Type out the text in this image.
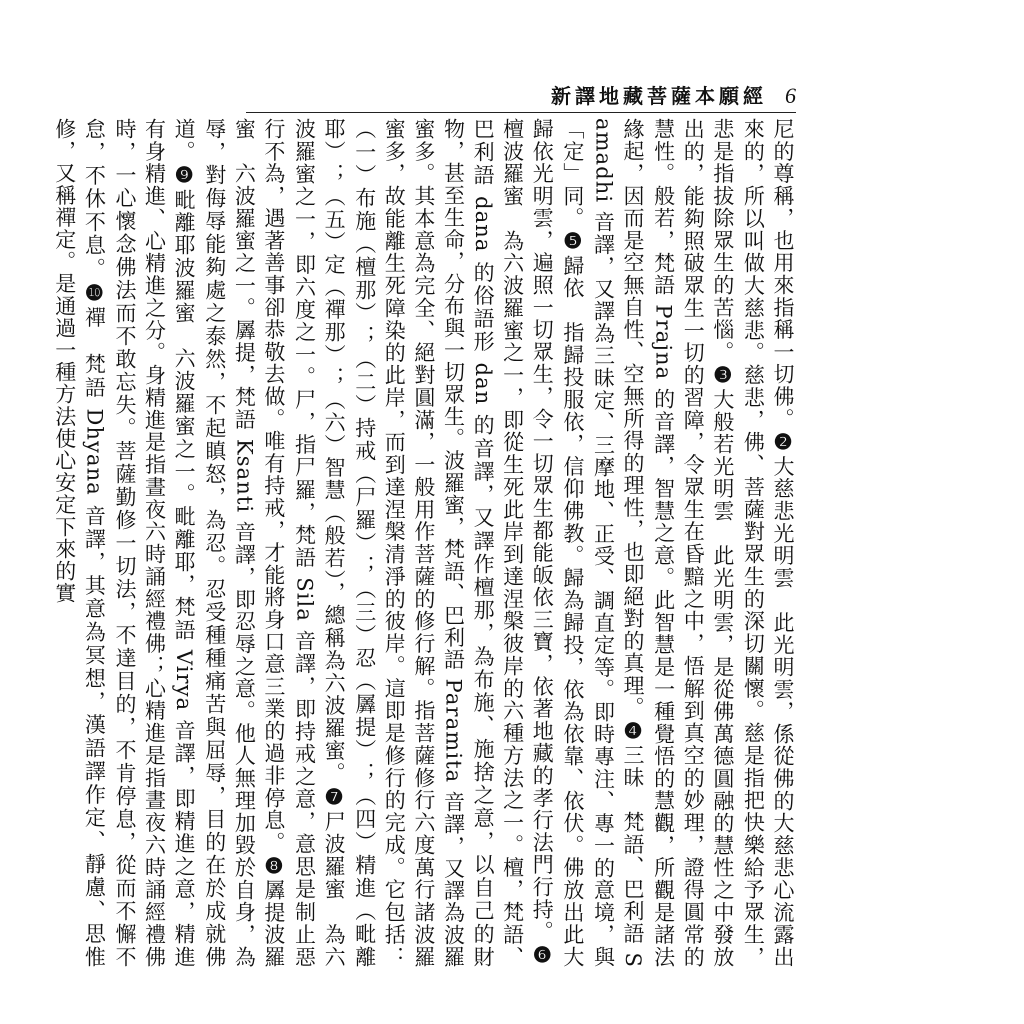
新譯地藏菩薩本願經 6
尼的尊稱，也用來指稱一切佛。❷大慈悲光明雲　此光明雲，係從佛的大慈悲心流露出來的，所以叫做大慈悲。慈悲，佛、菩薩對眾生的深切關懷。慈是指把快樂給予眾生，悲是指拔除眾生的苦惱。❸大般若光明雲　此光明雲，是從佛萬德圓融的慧性之中發放出的，能夠照破眾生一切的習障，令眾生在昏黯之中，悟解到真空的妙理，證得圓常的慧性。般若，梵語 Prajna 的音譯，智慧之意。此智慧是一種覺悟的慧觀，所觀是諸法緣起，因而是空無自性、空無所得的理性，也即絕對的真理。❹三昧　梵語、巴利語 Samadhi 音譯，又譯為三昧定、三摩地、正受、調直定等。即時專注、專一的意境，與「定」同。❺歸依　指歸投服依，信仰佛教。歸為歸投，依為依靠、依伏。佛放出此大歸依光明雲，遍照一切眾生，令一切眾生都能皈依三寶，依著地藏的孝行法門行持。❻檀波羅蜜　為六波羅蜜之一，即從生死此岸到達涅槃彼岸的六種方法之一。檀，梵語、巴利語 dana 的俗語形 dan 的音譯，又譯作檀那，為布施、施捨之意，以自己的財物，甚至生命，分布與一切眾生。波羅蜜，梵語、巴利語 Paramita 音譯，又譯為波羅蜜多。其本意為完全、絕對圓滿，一般用作菩薩的修行解。指菩薩修行六度萬行諸波羅蜜多，故能離生死障染的此岸，而到達涅槃清淨的彼岸。這即是修行的完成。它包括：（一）布施（檀那）；（二）持戒（尸羅）；（三）忍（羼提）；（四）精進（毗離耶）；（五）定（禪那）；（六）智慧（般若），總稱為六波羅蜜。❼尸波羅蜜　為六波羅蜜之一，即六度之一。尸，指尸羅，梵語 Sila 音譯，即持戒之意，意思是制止惡行不為，遇著善事卻恭敬去做。唯有持戒，才能將身口意三業的過非停息。❽羼提波羅蜜　六波羅蜜之一。羼提，梵語 Ksanti 音譯，即忍辱之意。他人無理加毀於自身，為辱，對侮辱能夠處之泰然，不起瞋怒，為忍。忍受種種痛苦與屈辱，目的在於成就佛道。❾毗離耶波羅蜜　六波羅蜜之一。毗離耶，梵語 Virya 音譯，即精進之意，精進有身精進、心精進之分。身精進是指晝夜六時誦經禮佛；心精進是指晝夜六時誦經禮佛時，一心懷念佛法而不敢忘失。菩薩勤修一切法，不達目的，不肯停息，從而不懈不怠，不休不息。❿禪　梵語 Dhyana 音譯，其意為冥想，漢語譯作定、靜慮、思惟修，又稱禪定。是通過一種方法使心安定下來的實
